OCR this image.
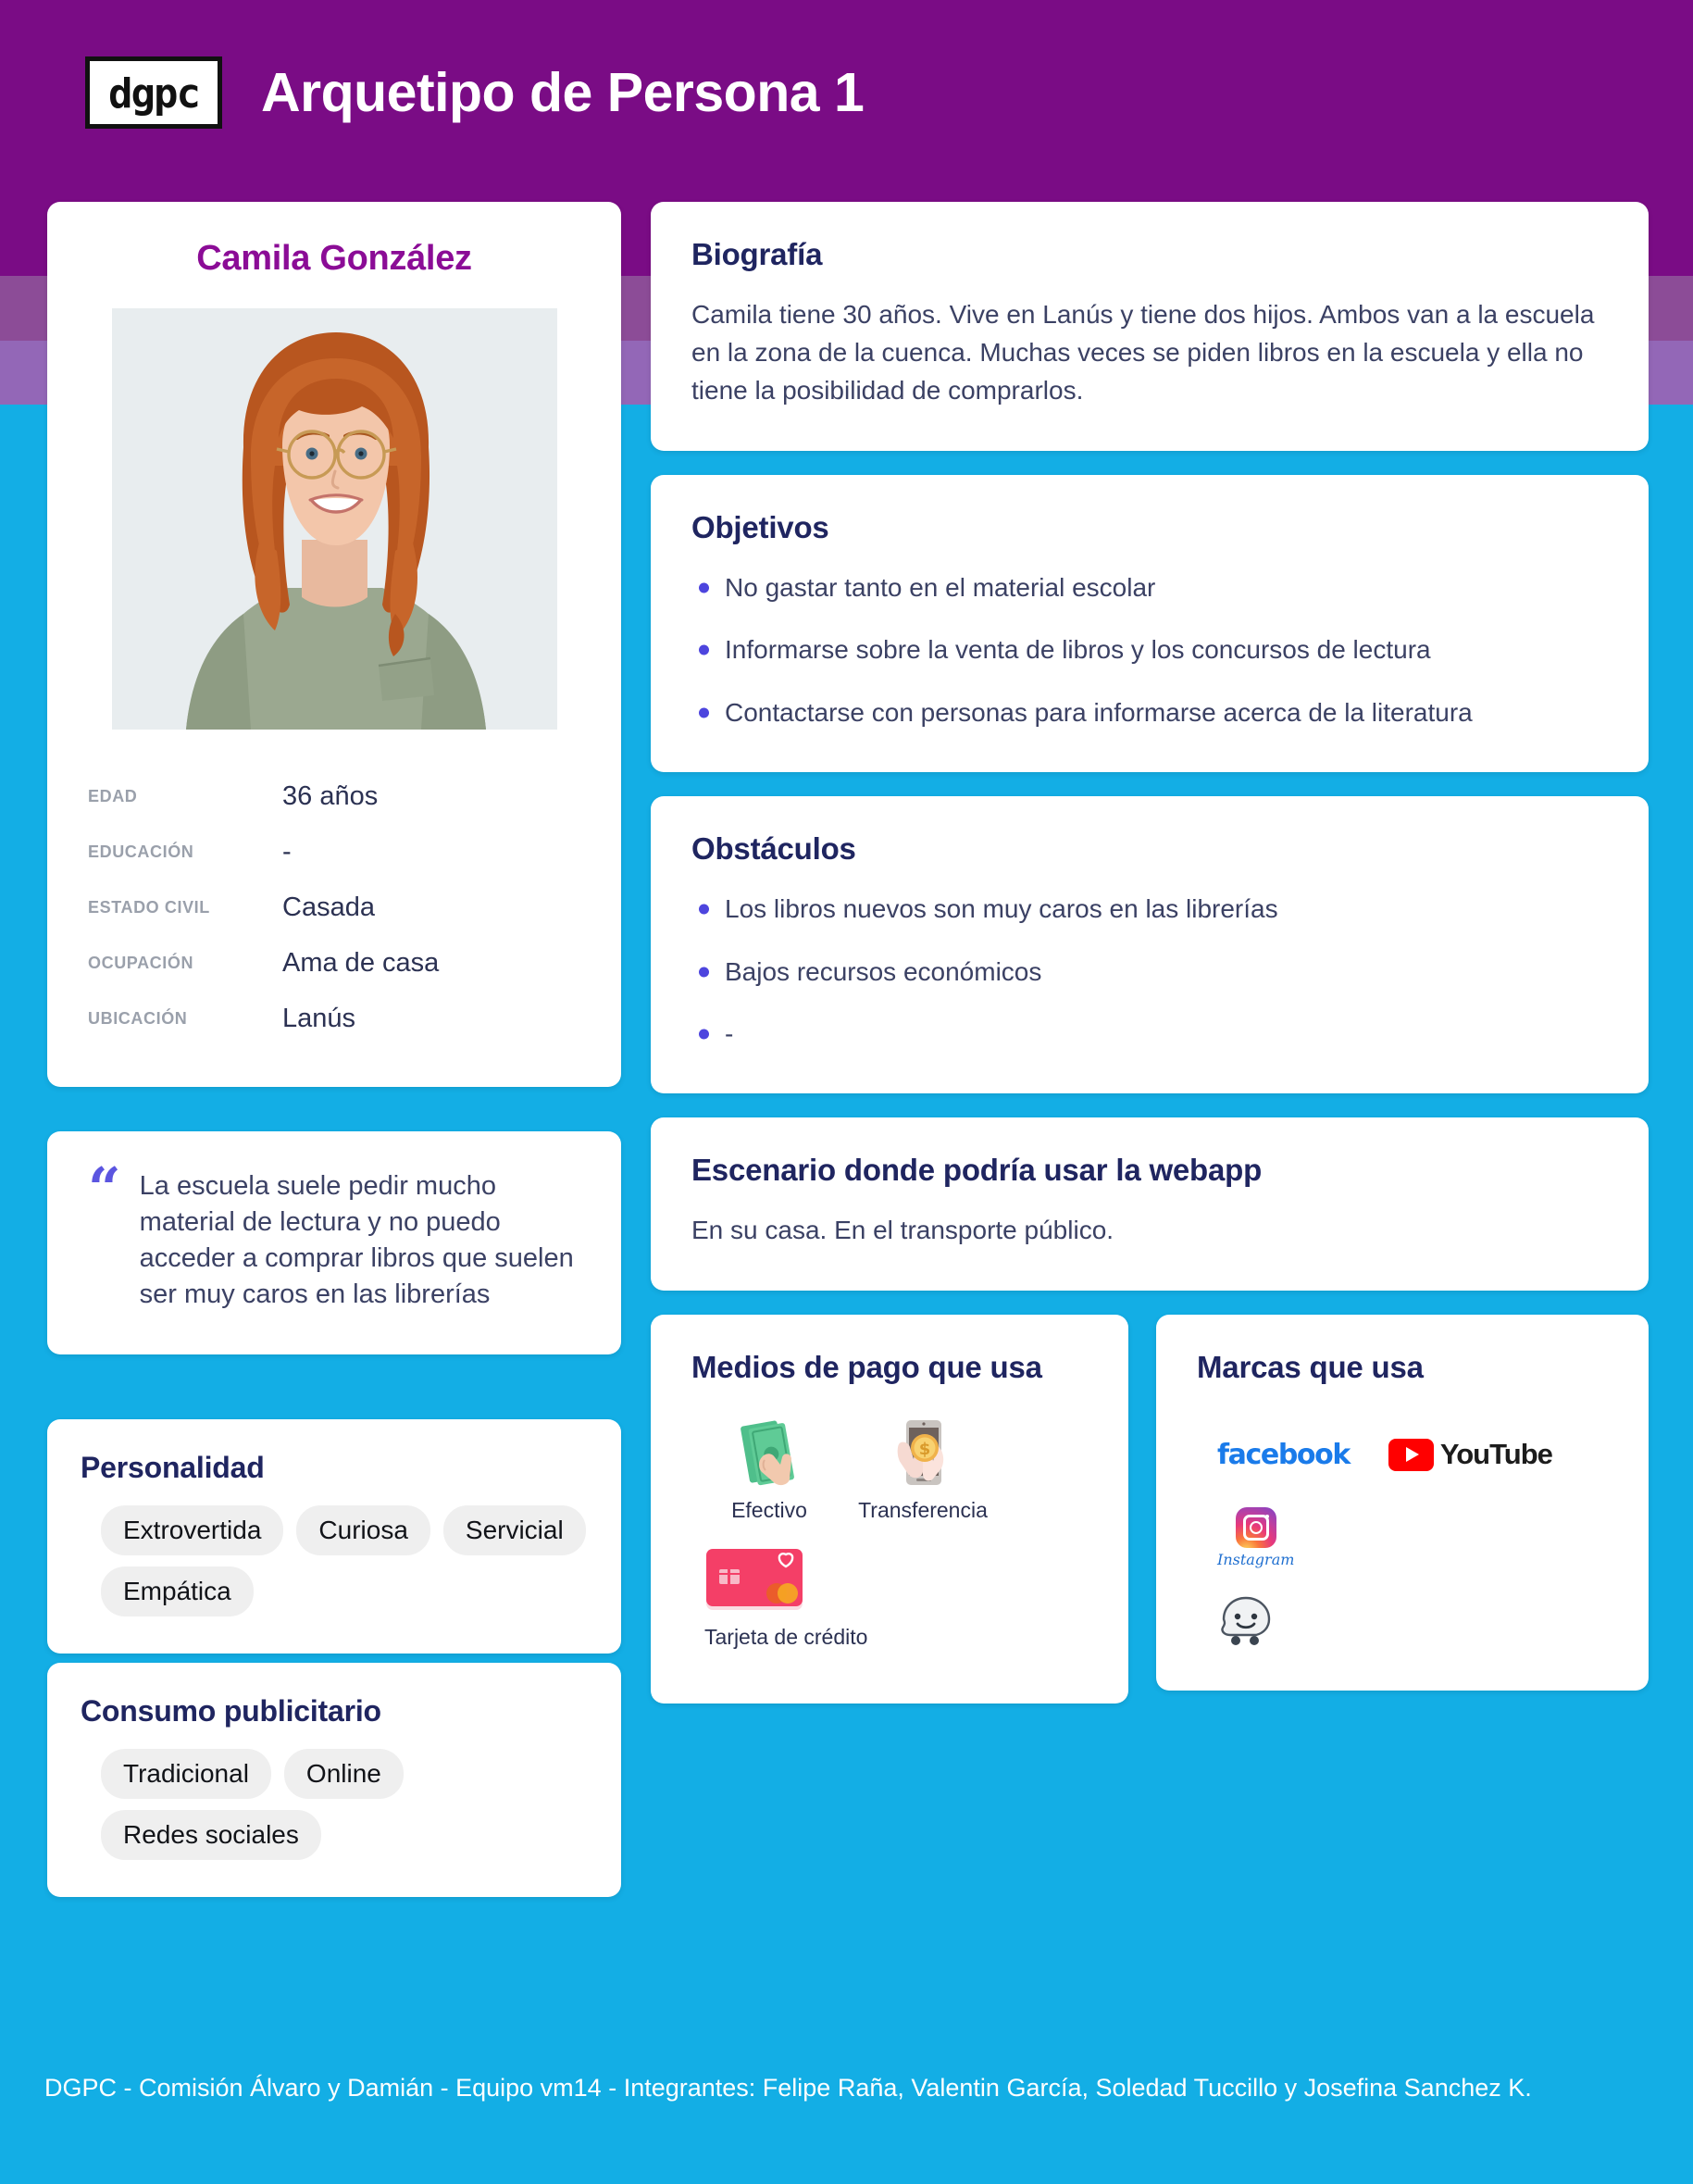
dgpc Arquetipo de Persona 1
Camila González
EDAD	36 años
EDUCACIÓN	-
ESTADO CIVIL	Casada
OCUPACIÓN	Ama de casa
UBICACIÓN	Lanús
“ La escuela suele pedir mucho material de lectura y no puedo acceder a comprar libros que suelen ser muy caros en las librerías
Personalidad
Extrovertida	Curiosa	Servicial
Empática
Consumo publicitario
Tradicional	Online
Redes sociales
Biografía
Camila tiene 30 años. Vive en Lanús y tiene dos hijos. Ambos van a la escuela en la zona de la cuenca. Muchas veces se piden libros en la escuela y ella no tiene la posibilidad de comprarlos.
Objetivos
No gastar tanto en el material escolar
Informarse sobre la venta de libros y los concursos de lectura
Contactarse con personas para informarse acerca de la literatura
Obstáculos
Los libros nuevos son muy caros en las librerías
Bajos recursos económicos
-
Escenario donde podría usar la webapp
En su casa. En el transporte público.
Medios de pago que usa
Efectivo
$
Transferencia
Tarjeta de crédito
Marcas que usa
facebook	YouTube
Instagram
DGPC - Comisión Álvaro y Damián - Equipo vm14 - Integrantes: Felipe Raña, Valentin García, Soledad Tuccillo y Josefina Sanchez K.
